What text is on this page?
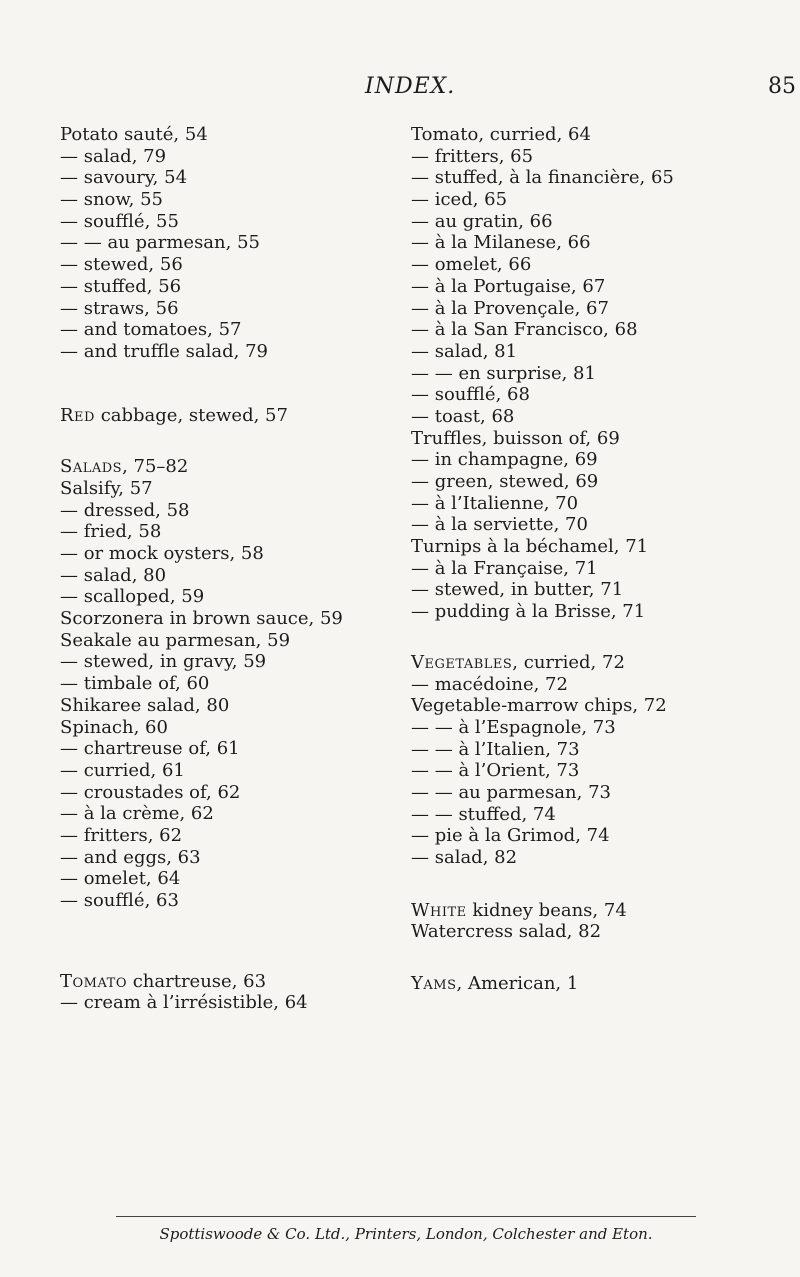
INDEX.	85
Potato sauté, 54
— salad, 79
— savoury, 54
— snow, 55
— soufflé, 55
— — au parmesan, 55
— stewed, 56
— stuffed, 56
— straws, 56
— and tomatoes, 57
— and truffle salad, 79
Red cabbage, stewed, 57
Salads, 75–82
Salsify, 57
— dressed, 58
— fried, 58
— or mock oysters, 58
— salad, 80
— scalloped, 59
Scorzonera in brown sauce, 59
Seakale au parmesan, 59
— stewed, in gravy, 59
— timbale of, 60
Shikaree salad, 80
Spinach, 60
— chartreuse of, 61
— curried, 61
— croustades of, 62
— à la crème, 62
— fritters, 62
— and eggs, 63
— omelet, 64
— soufflé, 63
Tomato chartreuse, 63
— cream à l’irrésistible, 64
Tomato, curried, 64
— fritters, 65
— stuffed, à la financière, 65
— iced, 65
— au gratin, 66
— à la Milanese, 66
— omelet, 66
— à la Portugaise, 67
— à la Provençale, 67
— à la San Francisco, 68
— salad, 81
— — en surprise, 81
— soufflé, 68
— toast, 68
Truffles, buisson of, 69
— in champagne, 69
— green, stewed, 69
— à l’Italienne, 70
— à la serviette, 70
Turnips à la béchamel, 71
— à la Française, 71
— stewed, in butter, 71
— pudding à la Brisse, 71
Vegetables, curried, 72
— macédoine, 72
Vegetable-marrow chips, 72
— — à l’Espagnole, 73
— — à l’Italien, 73
— — à l’Orient, 73
— — au parmesan, 73
— — stuffed, 74
— pie à la Grimod, 74
— salad, 82
White kidney beans, 74
Watercress salad, 82
Yams, American, 1
Spottiswoode & Co. Ltd., Printers, London, Colchester and Eton.
